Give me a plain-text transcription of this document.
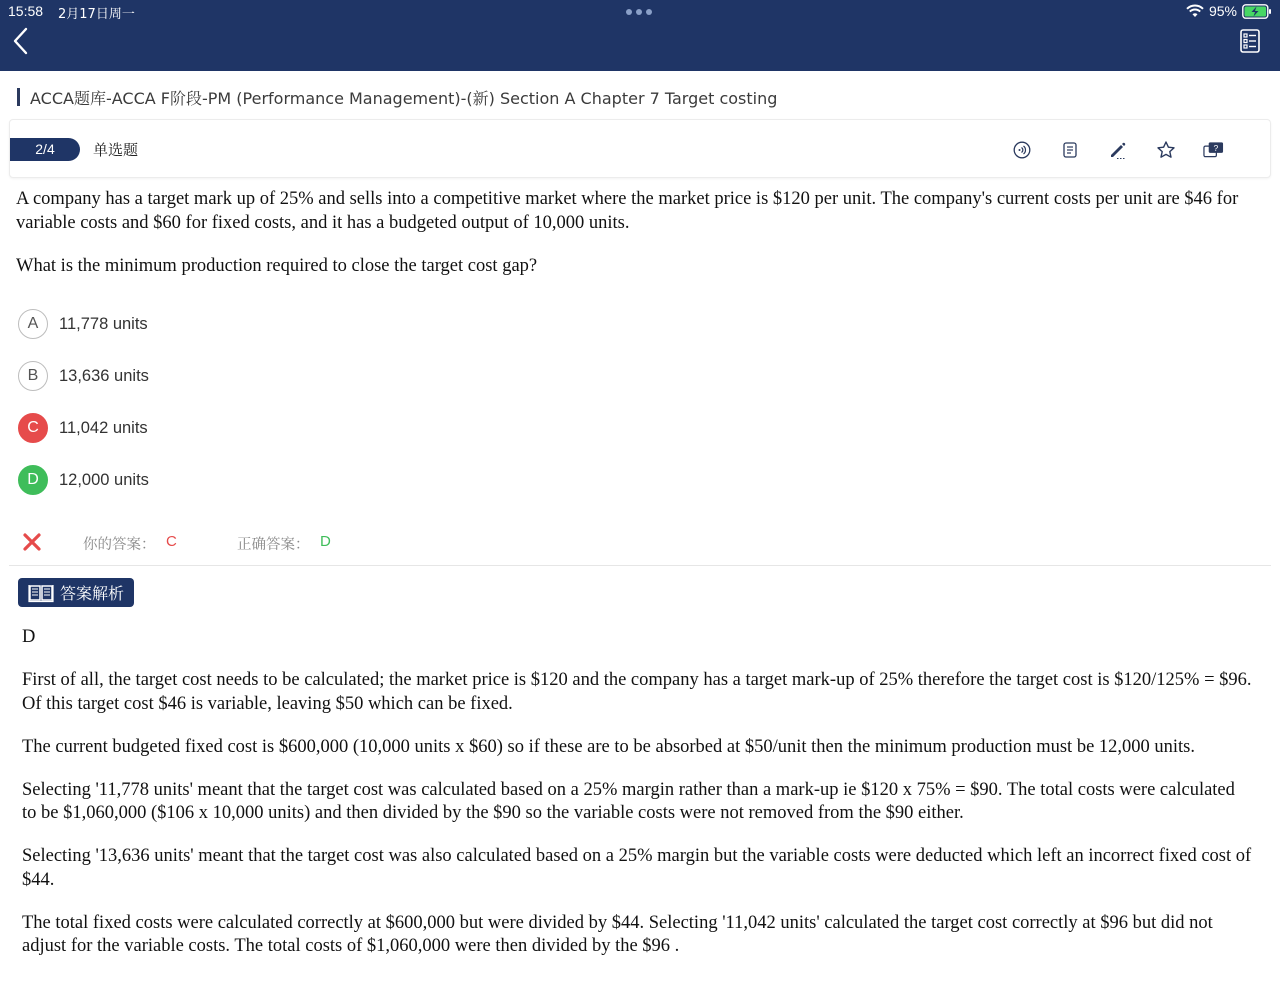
15:58 2月17日周一	95%
ACCA题库-ACCA F阶段-PM (Performance Management)-(新) Section A Chapter 7 Target costing
2/4	单选题	?
A company has a target mark up of 25% and sells into a competitive market where the market price is $120 per unit. The company's current costs per unit are $46 for variable costs and $60 for fixed costs, and it has a budgeted output of 10,000 units.
What is the minimum production required to close the target cost gap?
A	11,778 units
B	13,636 units
C	11,042 units
D	12,000 units
你的答案： C	正确答案： D
答案解析

D

First of all, the target cost needs to be calculated; the market price is $120 and the company has a target mark-up of 25% therefore the target cost is $120/125% = $96. Of this target cost $46 is variable, leaving $50 which can be fixed.

The current budgeted fixed cost is $600,000 (10,000 units x $60) so if these are to be absorbed at $50/unit then the minimum production must be 12,000 units.

Selecting '11,778 units' meant that the target cost was calculated based on a 25% margin rather than a mark-up ie $120 x 75% = $90. The total costs were calculated to be $1,060,000 ($106 x 10,000 units) and then divided by the $90 so the variable costs were not removed from the $90 either.

Selecting '13,636 units' meant that the target cost was also calculated based on a 25% margin but the variable costs were deducted which left an incorrect fixed cost of $44.

The total fixed costs were calculated correctly at $600,000 but were divided by $44. Selecting '11,042 units' calculated the target cost correctly at $96 but did not adjust for the variable costs. The total costs of $1,060,000 were then divided by the $96 .
